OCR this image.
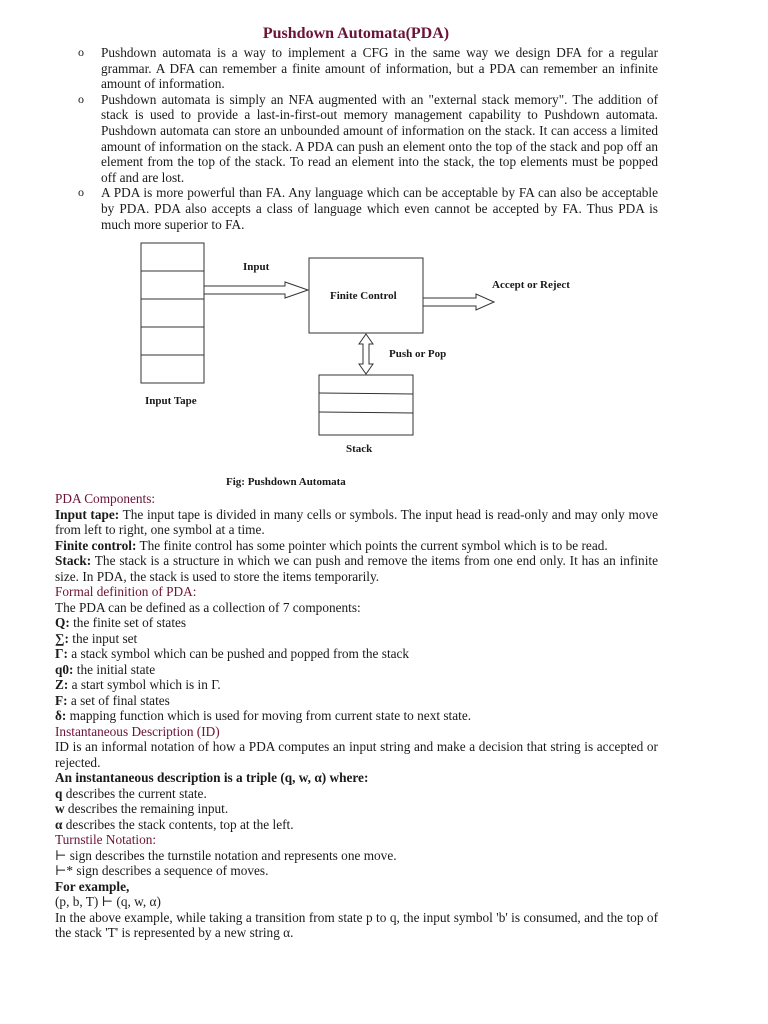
Pushdown Automata(PDA)

o Pushdown automata is a way to implement a CFG in the same way we design DFA for a regular grammar. A DFA can remember a finite amount of information, but a PDA can remember an infinite amount of information.

o Pushdown automata is simply an NFA augmented with an "external stack memory". The addition of stack is used to provide a last-in-first-out memory management capability to Pushdown automata. Pushdown automata can store an unbounded amount of information on the stack. It can access a limited amount of information on the stack. A PDA can push an element onto the top of the stack and pop off an element from the top of the stack. To read an element into the stack, the top elements must be popped off and are lost.

o A PDA is more powerful than FA. Any language which can be acceptable by FA can also be acceptable by PDA. PDA also accepts a class of language which even cannot be accepted by FA. Thus PDA is much more superior to FA.

Input
Finite Control
Accept or Reject
Push or Pop
Input Tape
Stack
Fig: Pushdown Automata

PDA Components:

Input tape: The input tape is divided in many cells or symbols. The input head is read-only and may only move from left to right, one symbol at a time.

Finite control: The finite control has some pointer which points the current symbol which is to be read.

Stack: The stack is a structure in which we can push and remove the items from one end only. It has an infinite size. In PDA, the stack is used to store the items temporarily.

Formal definition of PDA:

The PDA can be defined as a collection of 7 components:

Q: the finite set of states

∑: the input set

Γ: a stack symbol which can be pushed and popped from the stack

q0: the initial state

Z: a start symbol which is in Γ.

F: a set of final states

δ: mapping function which is used for moving from current state to next state.

Instantaneous Description (ID)

ID is an informal notation of how a PDA computes an input string and make a decision that string is accepted or rejected.

An instantaneous description is a triple (q, w, α) where:

q describes the current state.

w describes the remaining input.

α describes the stack contents, top at the left.

Turnstile Notation:

⊢ sign describes the turnstile notation and represents one move.

⊢* sign describes a sequence of moves.

For example,

(p, b, T) ⊢ (q, w, α)

In the above example, while taking a transition from state p to q, the input symbol 'b' is consumed, and the top of the stack 'T' is represented by a new string α.
